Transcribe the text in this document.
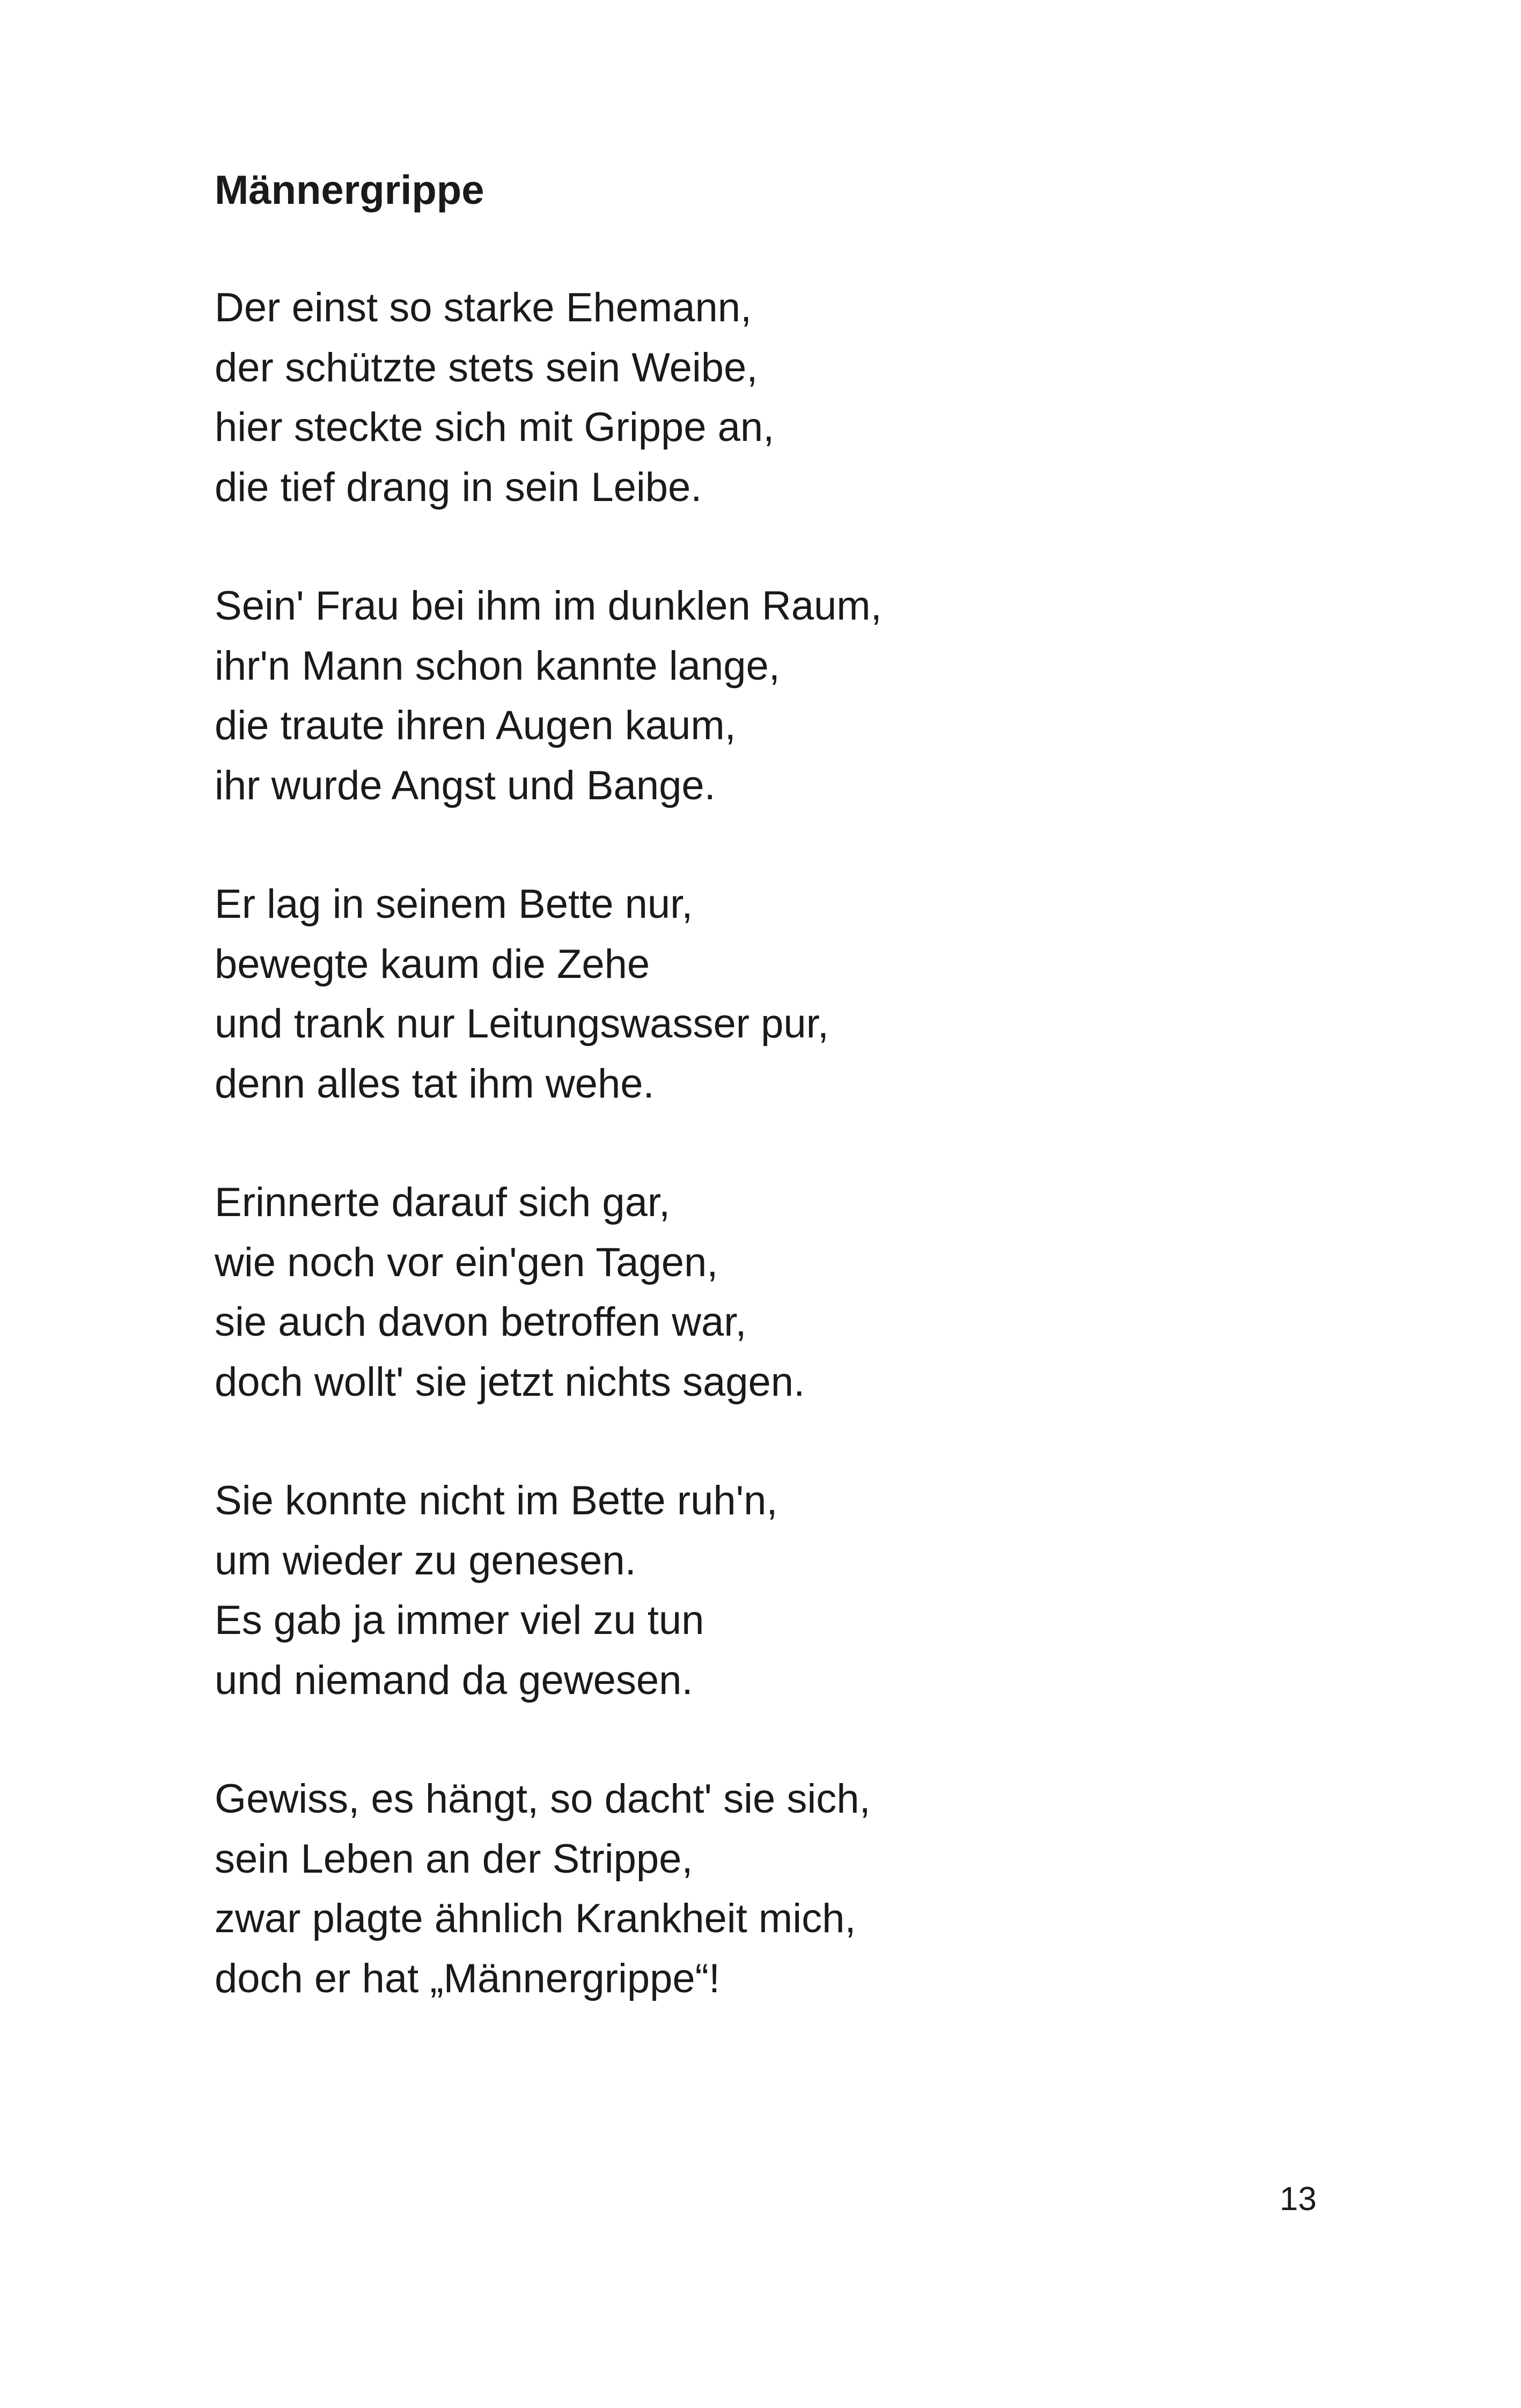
Männergrippe
Der einst so starke Ehemann,
der schützte stets sein Weibe,
hier steckte sich mit Grippe an,
die tief drang in sein Leibe.
Sein' Frau bei ihm im dunklen Raum,
ihr'n Mann schon kannte lange,
die traute ihren Augen kaum,
ihr wurde Angst und Bange.
Er lag in seinem Bette nur,
bewegte kaum die Zehe
und trank nur Leitungswasser pur,
denn alles tat ihm wehe.
Erinnerte darauf sich gar,
wie noch vor ein'gen Tagen,
sie auch davon betroffen war,
doch wollt' sie jetzt nichts sagen.
Sie konnte nicht im Bette ruh'n,
um wieder zu genesen.
Es gab ja immer viel zu tun
und niemand da gewesen.
Gewiss, es hängt, so dacht' sie sich,
sein Leben an der Strippe,
zwar plagte ähnlich Krankheit mich,
doch er hat „Männergrippe“!
13
